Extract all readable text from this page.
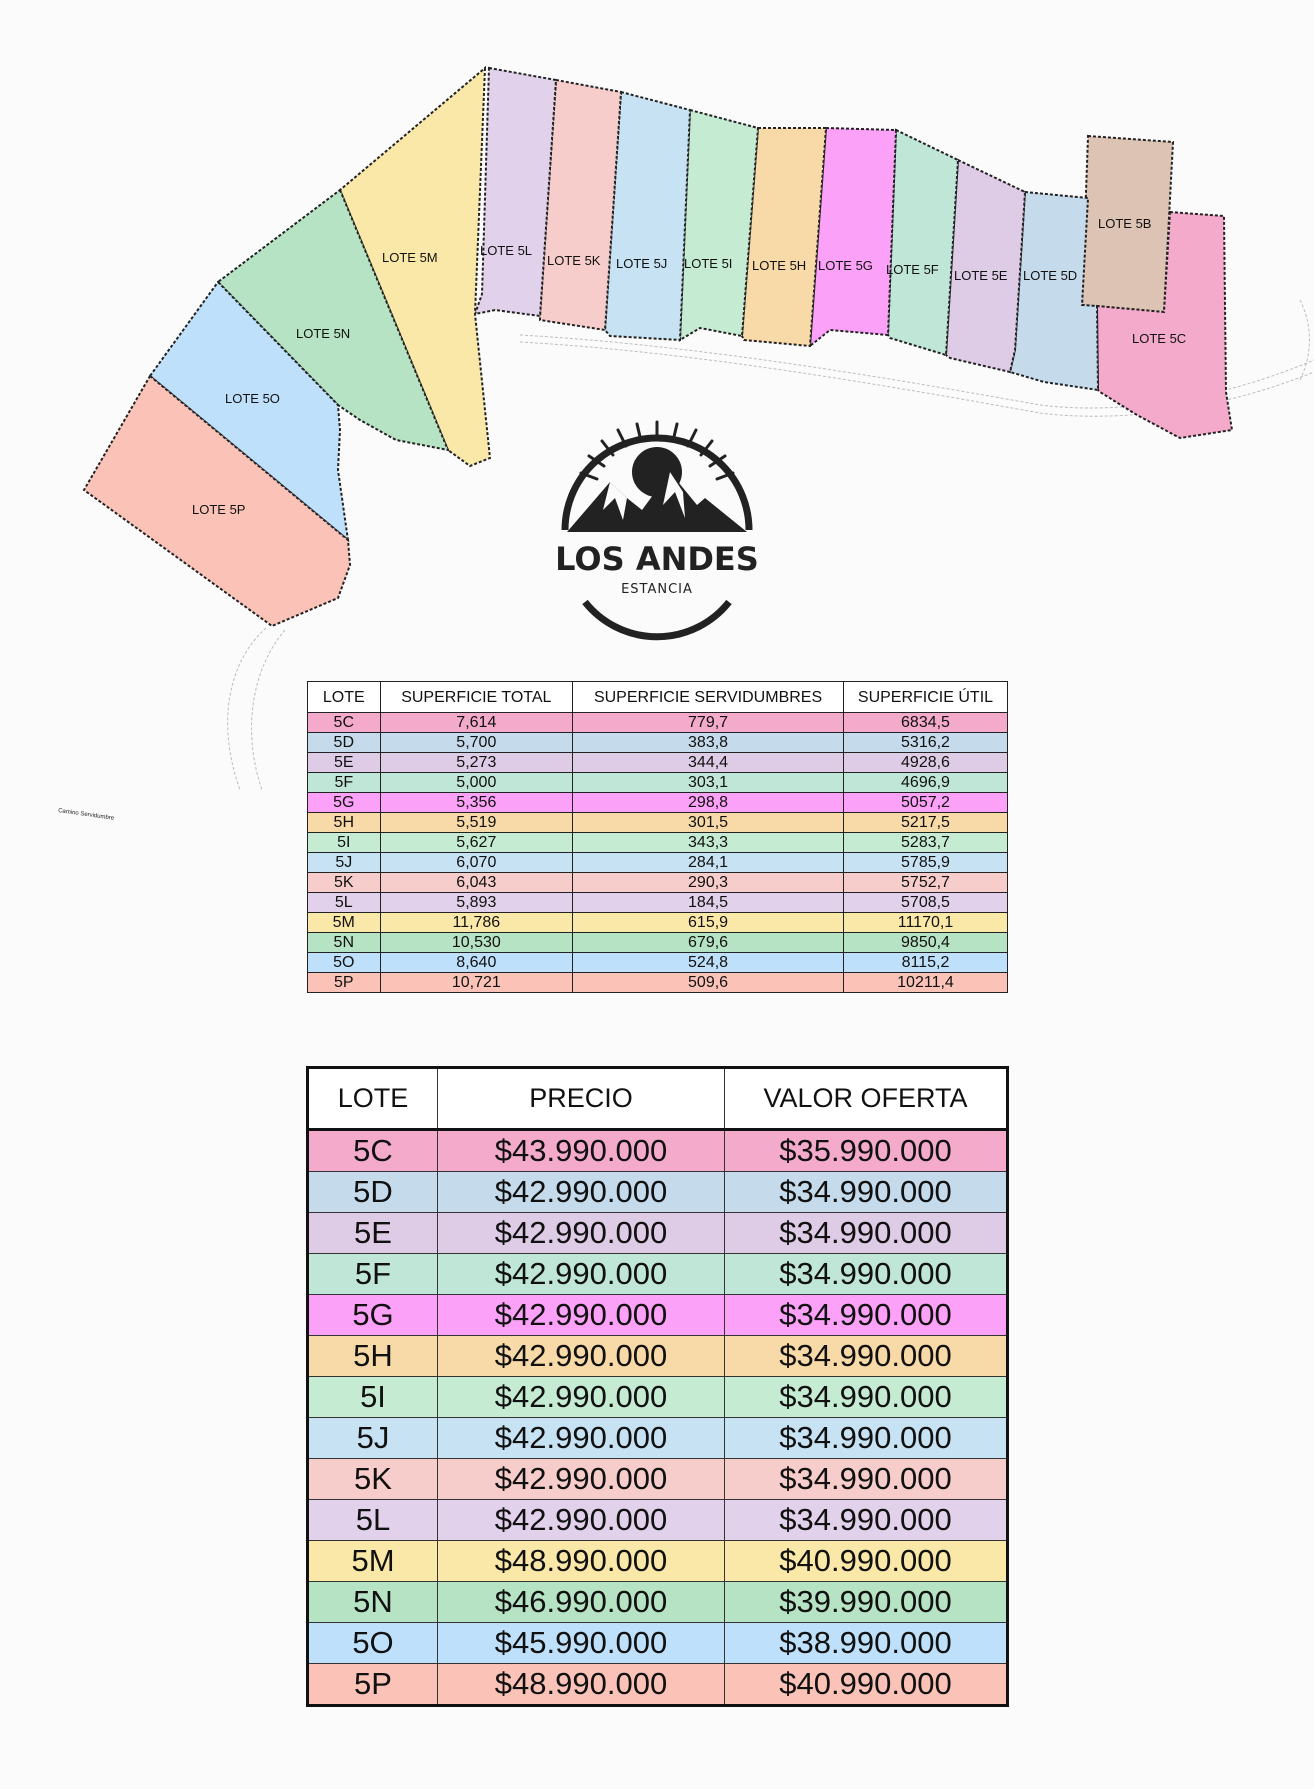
LOTE 5B
LOTE 5C
LOTE 5D
LOTE 5E
LOTE 5F
LOTE 5G
LOTE 5H
LOTE 5I
LOTE 5J
LOTE 5K
LOTE 5L
LOTE 5M
LOTE 5N
LOTE 5O
LOTE 5P
Camino Servidumbre
LOS ANDES
ESTANCIA
LOTE	SUPERFICIE TOTAL	SUPERFICIE SERVIDUMBRES	SUPERFICIE ÚTIL
5C	7,614	779,7	6834,5
5D	5,700	383,8	5316,2
5E	5,273	344,4	4928,6
5F	5,000	303,1	4696,9
5G	5,356	298,8	5057,2
5H	5,519	301,5	5217,5
5I	5,627	343,3	5283,7
5J	6,070	284,1	5785,9
5K	6,043	290,3	5752,7
5L	5,893	184,5	5708,5
5M	11,786	615,9	11170,1
5N	10,530	679,6	9850,4
5O	8,640	524,8	8115,2
5P	10,721	509,6	10211,4
LOTE	PRECIO	VALOR OFERTA
5C	$43.990.000	$35.990.000
5D	$42.990.000	$34.990.000
5E	$42.990.000	$34.990.000
5F	$42.990.000	$34.990.000
5G	$42.990.000	$34.990.000
5H	$42.990.000	$34.990.000
5I	$42.990.000	$34.990.000
5J	$42.990.000	$34.990.000
5K	$42.990.000	$34.990.000
5L	$42.990.000	$34.990.000
5M	$48.990.000	$40.990.000
5N	$46.990.000	$39.990.000
5O	$45.990.000	$38.990.000
5P	$48.990.000	$40.990.000
